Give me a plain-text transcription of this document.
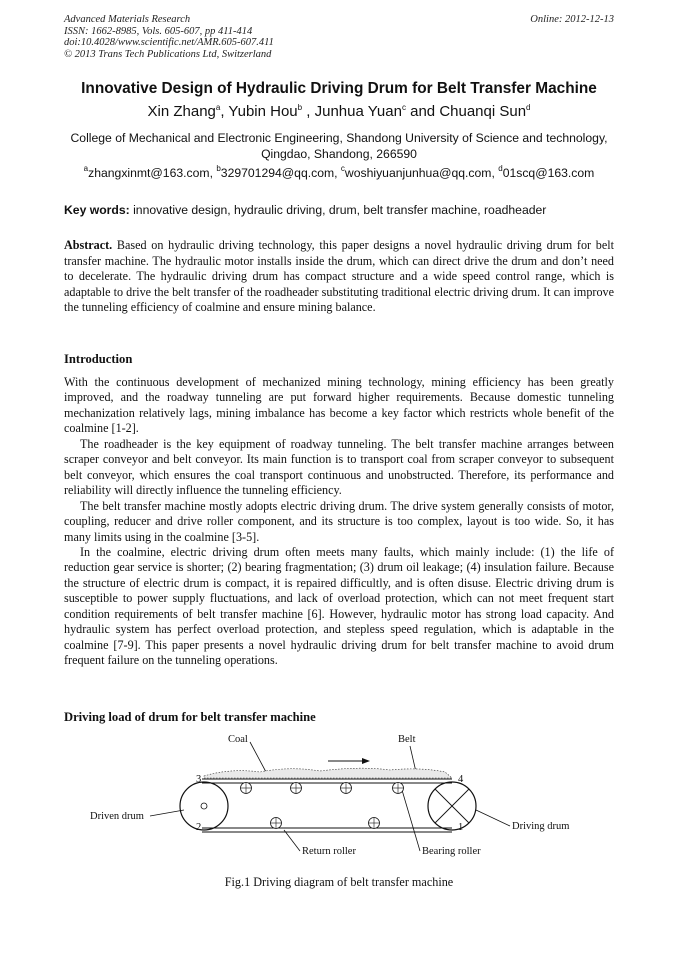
Advanced Materials Research
ISSN: 1662-8985, Vols. 605-607, pp 411-414
doi:10.4028/www.scientific.net/AMR.605-607.411
© 2013 Trans Tech Publications Ltd, Switzerland
Online: 2012-12-13
Innovative Design of Hydraulic Driving Drum for Belt Transfer Machine
Xin Zhang$^a$, Yubin Hou$^b$ , Junhua Yuan$^c$ and Chuanqi Sun$^d$
College of Mechanical and Electronic Engineering, Shandong University of Science and technology, Qingdao, Shandong, 266590
$^a$zhangxinmt@163.com, $^b$329701294@qq.com, $^c$woshiyuanjunhua@qq.com, $^d$01scq@163.com
Key words: innovative design, hydraulic driving, drum, belt transfer machine, roadheader
Abstract. Based on hydraulic driving technology, this paper designs a novel hydraulic driving drum for belt transfer machine. The hydraulic motor installs inside the drum, which can direct drive the drum and don’t need to decelerate. The hydraulic driving drum has compact structure and a wide speed control range, which is adaptable to drive the belt transfer of the roadheader substituting traditional electric driving drum. It can improve the tunneling efficiency of coalmine and ensure mining balance.
Introduction

With the continuous development of mechanized mining technology, mining efficiency has been greatly improved, and the roadway tunneling are put forward higher requirements. Because domestic tunneling mechanization relatively lags, mining imbalance has become a key factor which restricts whole benefit of the coalmine [1-2].

The roadheader is the key equipment of roadway tunneling. The belt transfer machine arranges between scraper conveyor and belt conveyor. Its main function is to transport coal from scraper conveyor to subsequent belt conveyor, which ensures the coal transport continuous and unobstructed. Therefore, its performance and reliability will directly influence the tunneling efficiency.

The belt transfer machine mostly adopts electric driving drum. The drive system generally consists of motor, coupling, reducer and drive roller component, and its structure is too complex, layout is too wide. So, it has many limits using in the coalmine [3-5].

In the coalmine, electric driving drum often meets many faults, which mainly include: (1) the life of reduction gear service is shorter; (2) bearing fragmentation; (3) drum oil leakage; (4) insulation failure. Because the structure of electric drum is compact, it is repaired difficultly, and is often disuse. Electric driving drum is susceptible to power supply fluctuations, and lack of overload protection, which can not meet frequent start condition requirements of belt transfer machine [6]. However, hydraulic motor has strong load capacity. And hydraulic system has perfect overload protection, and stepless speed regulation, which is adaptable in the coalmine [7-9]. This paper presents a novel hydraulic driving drum for belt transfer machine to avoid drum frequent failure on the tunneling operations.

Driving load of drum for belt transfer machine
Coal	Belt
Driven drum
Driving drum
Return roller	Bearing roller
3
2
4
1
Fig.1 Driving diagram of belt transfer machine
